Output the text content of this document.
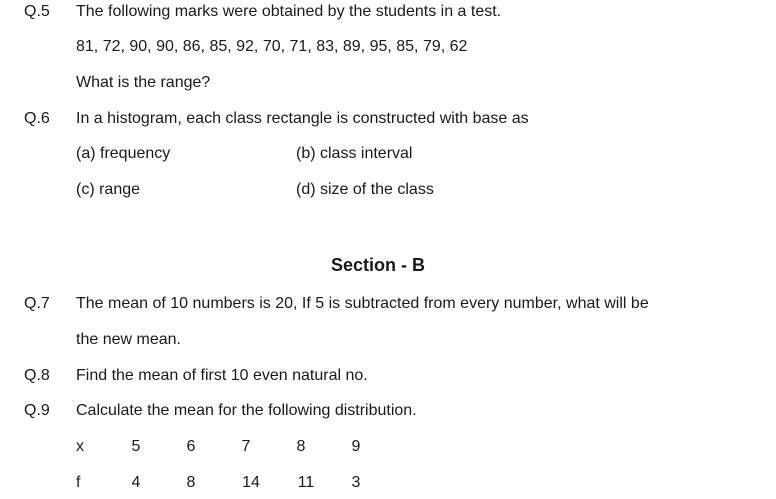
Q.5 The following marks were obtained by the students in a test.
81, 72, 90, 90, 86, 85, 92, 70, 71, 83, 89, 95, 85, 79, 62
What is the range?
Q.6 In a histogram, each class rectangle is constructed with base as
(a) frequency	(b) class interval
(c) range	(d) size of the class
Section - B
Q.7 The mean of 10 numbers is 20, If 5 is subtracted from every number, what will be
the new mean.
Q.8 Find the mean of first 10 even natural no.
Q.9 Calculate the mean for the following distribution.
x	5	6	7	8	9
f	4	8	14	11	3
